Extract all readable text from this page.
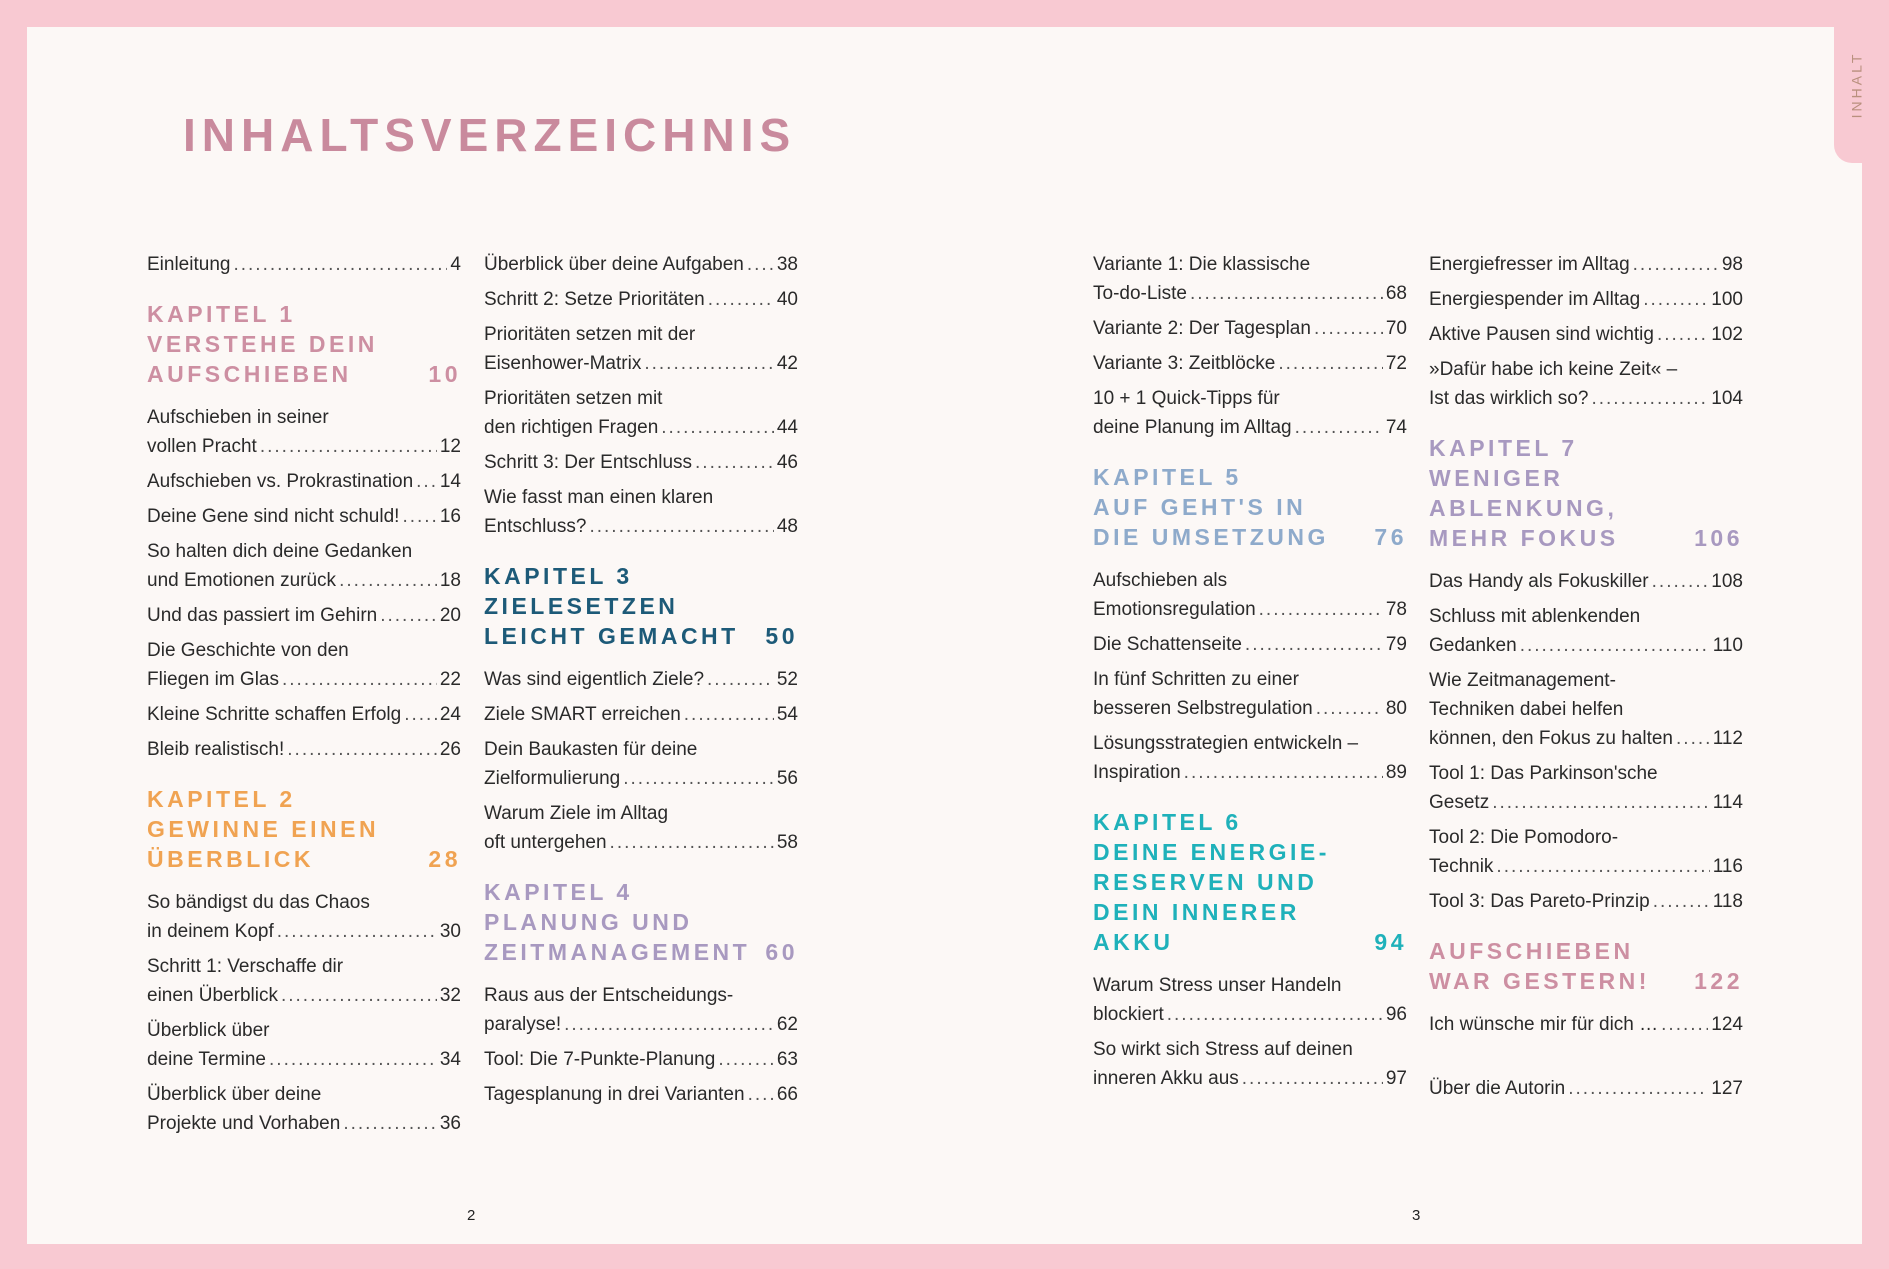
INHALT
INHALTSVERZEICHNIS
Einleitung .....	4
KAPITEL 1
VERSTEHE DEIN
AUFSCHIEBEN	10
Aufschieben in seiner
vollen Pracht .....	12
Aufschieben vs. Prokrastination ..... 14
Deine Gene sind nicht schuld! ..... 16
So halten dich deine Gedanken
und Emotionen zurück .....	18
Und das passiert im Gehirn .....	20
Die Geschichte von den
Fliegen im Glas .....	22
Kleine Schritte schaffen Erfolg ..... 24
Bleib realistisch! .....	26
KAPITEL 2
GEWINNE EINEN
ÜBERBLICK	28
So bändigst du das Chaos
in deinem Kopf .....	30
Schritt 1: Verschaffe dir
einen Überblick .....	32
Überblick über
deine Termine .....	34
Überblick über deine
Projekte und Vorhaben .....	36
Überblick über deine Aufgaben ..... 38
Schritt 2: Setze Prioritäten .....	40
Prioritäten setzen mit der
Eisenhower-Matrix .....	42
Prioritäten setzen mit
den richtigen Fragen .....	44
Schritt 3: Der Entschluss .....	46
Wie fasst man einen klaren
Entschluss? .....	48
KAPITEL 3
ZIELESETZEN
LEICHT GEMACHT 50
Was sind eigentlich Ziele? .....	52
Ziele SMART erreichen .....	54
Dein Baukasten für deine
Zielformulierung .....	56
Warum Ziele im Alltag
oft untergehen .....	58
KAPITEL 4
PLANUNG UND
ZEITMANAGEMENT 60
Raus aus der Entscheidungs-
paralyse! .....	62
Tool: Die 7-Punkte-Planung .....	63
Tagesplanung in drei Varianten ..... 66
Variante 1: Die klassische
To-do-Liste .....	68
Variante 2: Der Tagesplan .....	70
Variante 3: Zeitblöcke .....	72
10 + 1 Quick-Tipps für
deine Planung im Alltag .....	74
KAPITEL 5
AUF GEHT'S IN
DIE UMSETZUNG 76
Aufschieben als
Emotionsregulation .....	78
Die Schattenseite .....	79
In fünf Schritten zu einer
besseren Selbstregulation .....	80
Lösungsstrategien entwickeln –
Inspiration .....	89
KAPITEL 6
DEINE ENERGIE-
RESERVEN UND
DEIN INNERER
AKKU	94
Warum Stress unser Handeln
blockiert .....	96
So wirkt sich Stress auf deinen
inneren Akku aus .....	97
Energiefresser im Alltag .....	98
Energiespender im Alltag .....	100
Aktive Pausen sind wichtig .....	102
»Dafür habe ich keine Zeit« –
Ist das wirklich so? .....	104
KAPITEL 7
WENIGER
ABLENKUNG,
MEHR FOKUS	106
Das Handy als Fokuskiller .....	108
Schluss mit ablenkenden
Gedanken .....	110
Wie Zeitmanagement-
Techniken dabei helfen
können, den Fokus zu halten ..... 112
Tool 1: Das Parkinson'sche
Gesetz .....	114
Tool 2: Die Pomodoro-
Technik .....	116
Tool 3: Das Pareto-Prinzip .....	118
AUFSCHIEBEN
WAR GESTERN! 122
Ich wünsche mir für dich … .....	124
Über die Autorin .....	127
2	3
